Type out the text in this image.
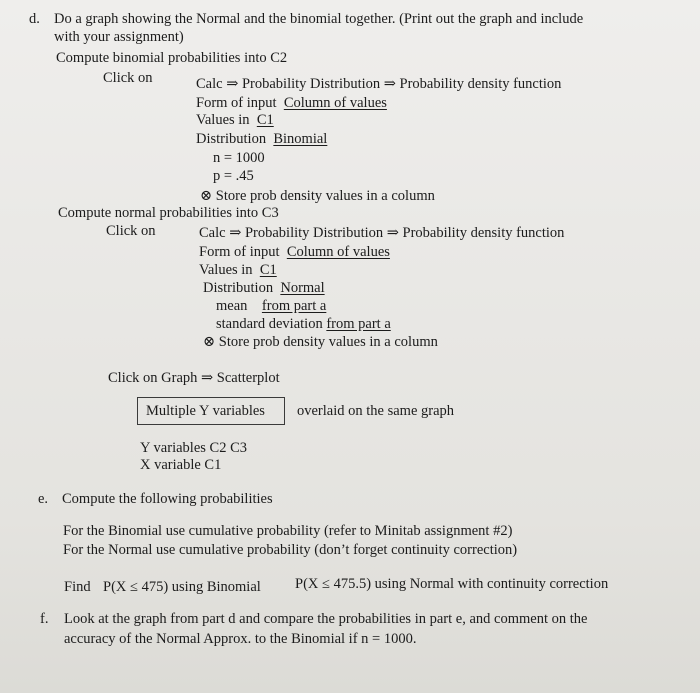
d. Do a graph showing the Normal and the binomial together. (Print out the graph and include
with your assignment)
Compute binomial probabilities into C2
Click on	Calc ⇒ Probability Distribution ⇒ Probability density function
Form of input Column of values
Values in C1
Distribution Binomial
n = 1000
p = .45
⊗ Store prob density values in a column
Compute normal probabilities into C3
Click on	Calc ⇒ Probability Distribution ⇒ Probability density function
Form of input Column of values
Values in C1
Distribution Normal
mean from part a
standard deviation from part a
⊗ Store prob density values in a column
Click on Graph ⇒ Scatterplot
Multiple Y variables overlaid on the same graph
Y variables C2 C3
X variable C1
e. Compute the following probabilities
For the Binomial use cumulative probability (refer to Minitab assignment #2)
For the Normal use cumulative probability (don’t forget continuity correction)
Find P(X ≤ 475) using Binomial P(X ≤ 475.5) using Normal with continuity correction
f. Look at the graph from part d and compare the probabilities in part e, and comment on the
accuracy of the Normal Approx. to the Binomial if n = 1000.
